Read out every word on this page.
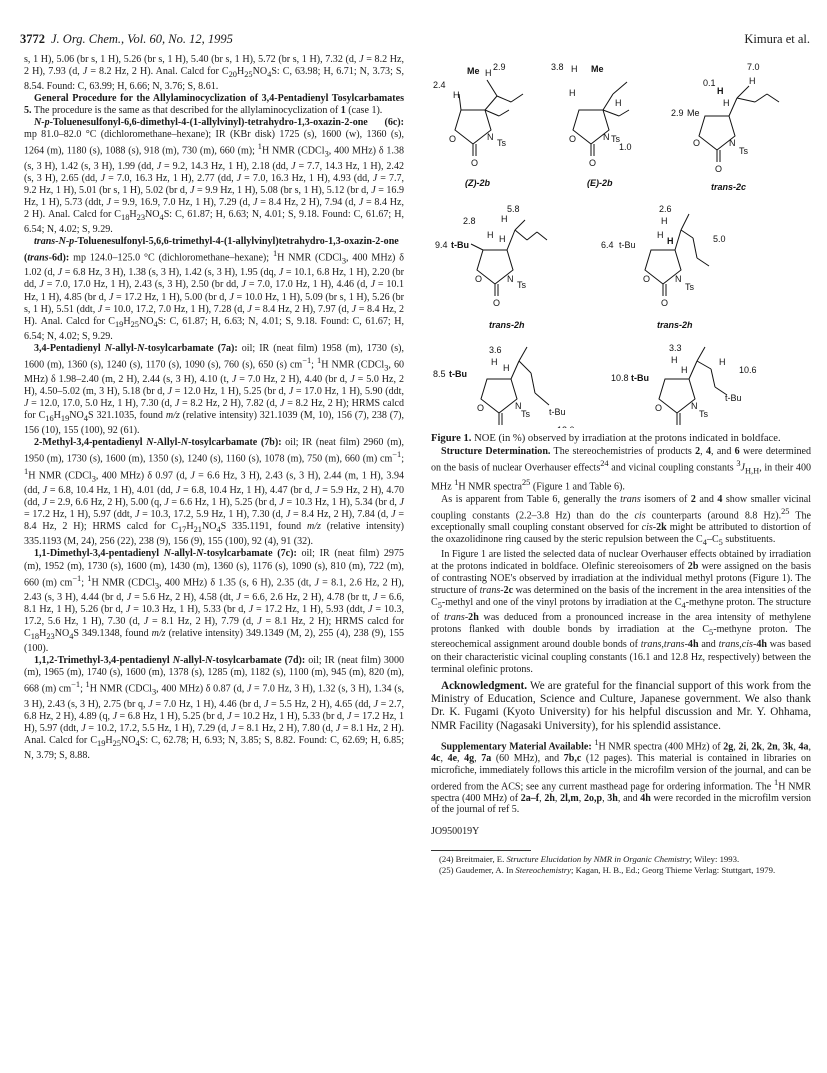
3772 J. Org. Chem., Vol. 60, No. 12, 1995	Kimura et al.

s, 1 H), 5.06 (br s, 1 H), 5.26 (br s, 1 H), 5.40 (br s, 1 H), 5.72 (br s, 1 H), 7.32 (d, J = 8.2 Hz, 2 H), 7.93 (d, J = 8.2 Hz, 2 H). Anal. Calcd for $C_{20}H_{25}NO_4S$: C, 63.98; H, 6.71; N, 3.73; S, 8.54. Found: C, 63.99; H, 6.66; N, 3.76; S, 8.61.

General Procedure for the Allylaminocyclization of 3,4-Pentadienyl Tosylcarbamates 5. The procedure is the same as that described for the allylaminocyclization of 1 (case 1).

N-p-Toluenesulfonyl-6,6-dimethyl-4-(1-allylvinyl)-tetrahydro-1,3-oxazin-2-one (6c): mp 81.0–82.0 °C (dichloromethane–hexane); IR (KBr disk) 1725 (s), 1600 (w), 1360 (s), 1264 (m), 1180 (s), 1088 (s), 918 (m), 730 (m), 660 (m); $^1$H NMR (CDCl$_3$, 400 MHz) δ 1.38 (s, 3 H), 1.42 (s, 3 H), 1.99 (dd, J = 9.2, 14.3 Hz, 1 H), 2.18 (dd, J = 7.7, 14.3 Hz, 1 H), 2.42 (s, 3 H), 2.65 (dd, J = 7.0, 16.3 Hz, 1 H), 2.77 (dd, J = 7.0, 16.3 Hz, 1 H), 4.93 (dd, J = 7.7, 9.2 Hz, 1 H), 5.01 (br s, 1 H), 5.02 (br d, J = 9.9 Hz, 1 H), 5.08 (br s, 1 H), 5.12 (br d, J = 16.9 Hz, 1 H), 5.73 (ddt, J = 9.9, 16.9, 7.0 Hz, 1 H), 7.29 (d, J = 8.4 Hz, 2 H), 7.94 (d, J = 8.4 Hz, 2 H). Anal. Calcd for $C_{18}H_{23}NO_4S$: C, 61.87; H, 6.63; N, 4.01; S, 9.18. Found: C, 61.67; H, 6.54; N, 4.02; S, 9.29.

trans-N-p-Toluenesulfonyl-5,6,6-trimethyl-4-(1-allylvinyl)tetrahydro-1,3-oxazin-2-one (trans-6d): mp 124.0–125.0 °C (dichloromethane–hexane); $^1$H NMR (CDCl$_3$, 400 MHz) δ 1.02 (d, J = 6.8 Hz, 3 H), 1.38 (s, 3 H), 1.42 (s, 3 H), 1.95 (dq, J = 10.1, 6.8 Hz, 1 H), 2.20 (br dd, J = 7.0, 17.0 Hz, 1 H), 2.43 (s, 3 H), 2.50 (br dd, J = 7.0, 17.0 Hz, 1 H), 4.46 (d, J = 10.1 Hz, 1 H), 4.85 (br d, J = 17.2 Hz, 1 H), 5.00 (br d, J = 10.0 Hz, 1 H), 5.09 (br s, 1 H), 5.26 (br s, 1 H), 5.51 (ddt, J = 10.0, 17.2, 7.0 Hz, 1 H), 7.28 (d, J = 8.4 Hz, 2 H), 7.97 (d, J = 8.4 Hz, 2 H). Anal. Calcd for $C_{19}H_{25}NO_4S$: C, 61.87; H, 6.63; N, 4.01; S, 9.18. Found: C, 61.67; H, 6.54; N, 4.02; S, 9.29.

3,4-Pentadienyl N-allyl-N-tosylcarbamate (7a): oil; IR (neat film) 1958 (m), 1730 (s), 1600 (m), 1360 (s), 1240 (s), 1170 (s), 1090 (s), 760 (s), 650 (s) $cm^{-1}$; $^1$H NMR (CDCl$_3$, 60 MHz) δ 1.98–2.40 (m, 2 H), 2.44 (s, 3 H), 4.10 (t, J = 7.0 Hz, 2 H), 4.40 (br d, J = 5.0 Hz, 2 H), 4.50–5.02 (m, 3 H), 5.18 (br d, J = 12.0 Hz, 1 H), 5.25 (br d, J = 17.0 Hz, 1 H), 5.90 (ddt, J = 12.0, 17.0, 5.0 Hz, 1 H), 7.30 (d, J = 8.2 Hz, 2 H), 7.82 (d, J = 8.2 Hz, 2 H); HRMS calcd for $C_{16}H_{19}NO_4S$ 321.1035, found m/z (relative intensity) 321.1039 (M, 10), 156 (7), 238 (7), 156 (10), 155 (100), 92 (61).

2-Methyl-3,4-pentadienyl N-Allyl-N-tosylcarbamate (7b): oil; IR (neat film) 2960 (m), 1950 (m), 1730 (s), 1600 (m), 1350 (s), 1240 (s), 1160 (s), 1078 (m), 750 (m), 660 (m) $cm^{-1}$; $^1$H NMR (CDCl$_3$, 400 MHz) δ 0.97 (d, J = 6.6 Hz, 3 H), 2.43 (s, 3 H), 2.44 (m, 1 H), 3.94 (dd, J = 6.8, 10.4 Hz, 1 H), 4.01 (dd, J = 6.8, 10.4 Hz, 1 H), 4.47 (br d, J = 5.9 Hz, 2 H), 4.70 (dd, J = 2.9, 6.6 Hz, 2 H), 5.00 (q, J = 6.6 Hz, 1 H), 5.25 (br d, J = 10.3 Hz, 1 H), 5.34 (br d, J = 17.2 Hz, 1 H), 5.97 (ddt, J = 10.3, 17.2, 5.9 Hz, 1 H), 7.30 (d, J = 8.4 Hz, 2 H), 7.84 (d, J = 8.4 Hz, 2 H); HRMS calcd for $C_{17}H_{21}NO_4S$ 335.1191, found m/z (relative intensity) 335.1193 (M, 24), 256 (22), 238 (9), 156 (9), 155 (100), 92 (4), 91 (32).

1,1-Dimethyl-3,4-pentadienyl N-allyl-N-tosylcarbamate (7c): oil; IR (neat film) 2975 (m), 1952 (m), 1730 (s), 1600 (m), 1430 (m), 1360 (s), 1176 (s), 1090 (s), 810 (m), 722 (m), 660 (m) $cm^{-1}$; $^1$H NMR (CDCl$_3$, 400 MHz) δ 1.35 (s, 6 H), 2.35 (dt, J = 8.1, 2.6 Hz, 2 H), 2.43 (s, 3 H), 4.44 (br d, J = 5.6 Hz, 2 H), 4.58 (dt, J = 6.6, 2.6 Hz, 2 H), 4.78 (br tt, J = 6.6, 8.1 Hz, 1 H), 5.26 (br d, J = 10.3 Hz, 1 H), 5.33 (br d, J = 17.2 Hz, 1 H), 5.93 (ddt, J = 10.3, 17.2, 5.6 Hz, 1 H), 7.30 (d, J = 8.1 Hz, 2 H), 7.79 (d, J = 8.1 Hz, 2 H); HRMS calcd for $C_{18}H_{23}NO_4S$ 349.1348, found m/z (relative intensity) 349.1349 (M, 2), 255 (4), 238 (9), 155 (100).

1,1,2-Trimethyl-3,4-pentadienyl N-allyl-N-tosylcarbamate (7d): oil; IR (neat film) 3000 (m), 1965 (m), 1740 (s), 1600 (m), 1378 (s), 1285 (m), 1182 (s), 1100 (m), 945 (m), 820 (m), 668 (m) $cm^{-1}$; $^1$H NMR (CDCl$_3$, 400 MHz) δ 0.87 (d, J = 7.0 Hz, 3 H), 1.32 (s, 3 H), 1.34 (s, 3 H), 2.43 (s, 3 H), 2.75 (br q, J = 7.0 Hz, 1 H), 4.46 (br d, J = 5.5 Hz, 2 H), 4.65 (dd, J = 2.7, 6.8 Hz, 2 H), 4.89 (q, J = 6.8 Hz, 1 H), 5.25 (br d, J = 10.2 Hz, 1 H), 5.33 (br d, J = 17.2 Hz, 1 H), 5.97 (ddt, J = 10.2, 17.2, 5.5 Hz, 1 H), 7.29 (d, J = 8.1 Hz, 2 H), 7.80 (d, J = 8.1 Hz, 2 H). Anal. Calcd for $C_{19}H_{25}NO_4S$: C, 62.78; H, 6.93; N, 3.85; S, 8.82. Found: C, 62.69; H, 6.85; N, 3.79; S, 8.88.

2.4
2.9
Me H
H
O	N
Ts
O
(Z)-2b
3.8
1.0
H Me
H
H
O	N Ts
O
(E)-2b
7.0
0.1
2.9
H
H
H
Me
O	N
Ts
O
trans-2c
5.8
2.8
9.4
H
H
t-Bu
H
O	N
Ts
O
trans-2h
2.6
6.4
5.0
H
H
t-Bu	H
O	N
Ts
O
trans-2h
3.6
8.5
H
t-Bu
H
t-Bu
O	N
Ts
3.3
10.8
10.6
H
t-Bu
H
H
t-Bu
O	N
Ts

Figure 1. NOE (in %) observed by irradiation at the protons indicated in boldface.

Structure Determination. The stereochemistries of products 2, 4, and 6 were determined on the basis of nuclear Overhauser effects$^{24}$ and vicinal coupling constants $^3J_{H,H}$, in their 400 MHz $^1$H NMR spectra$^{25}$ (Figure 1 and Table 6).

As is apparent from Table 6, generally the trans isomers of 2 and 4 show smaller vicinal coupling constants (2.2–3.8 Hz) than do the cis counterparts (around 8.8 Hz).$^{25}$ The exceptionally small coupling constant observed for cis-2k might be attributed to distortion of the oxazolidinone ring caused by the steric repulsion between the $C_4-C_5$ substituents.

In Figure 1 are listed the selected data of nuclear Overhauser effects obtained by irradiation at the protons indicated in boldface. Olefinic stereoisomers of 2b were assigned on the basis of contrasting NOE's observed by irradiation at the individual methyl protons (Figure 1). The structure of trans-2c was determined on the basis of the increment in the area intensities of the $C_5$-methyl and one of the vinyl protons by irradiation at the $C_4$-methyne proton. The structure of trans-2h was deduced from a pronounced increase in the area intensity of methylene protons flanked with double bonds by irradiation at the $C_5$-methyne proton. The stereochemical assignment around double bonds of trans,trans-4h and trans,cis-4h was based on their characteristic vicinal coupling constants (16.1 and 12.8 Hz, respectively) between the terminal olefinic protons.

Acknowledgment. We are grateful for the financial support of this work from the Ministry of Education, Science and Culture, Japanese government. We also thank Dr. K. Fugami (Kyoto University) for his helpful discussion and Mr. Y. Ohhama, NMR Facility (Nagasaki University), for his splendid assistance.

Supplementary Material Available: $^1$H NMR spectra (400 MHz) of 2g, 2i, 2k, 2n, 3k, 4a, 4c, 4e, 4g, 7a (60 MHz), and 7b,c (12 pages). This material is contained in libraries on microfiche, immediately follows this article in the microfilm version of the journal, and can be ordered from the ACS; see any current masthead page for ordering information. The $^1$H NMR spectra (400 MHz) of 2a–f, 2h, 2l,m, 2o,p, 3h, and 4h were recorded in the microfilm version of the journal of ref 5.

JO950019Y

(24) Breitmaier, E. Structure Elucidation by NMR in Organic Chemistry; Wiley: 1993.

(25) Gaudemer, A. In Stereochemistry; Kagan, H. B., Ed.; Georg Thieme Verlag: Stuttgart, 1979.
